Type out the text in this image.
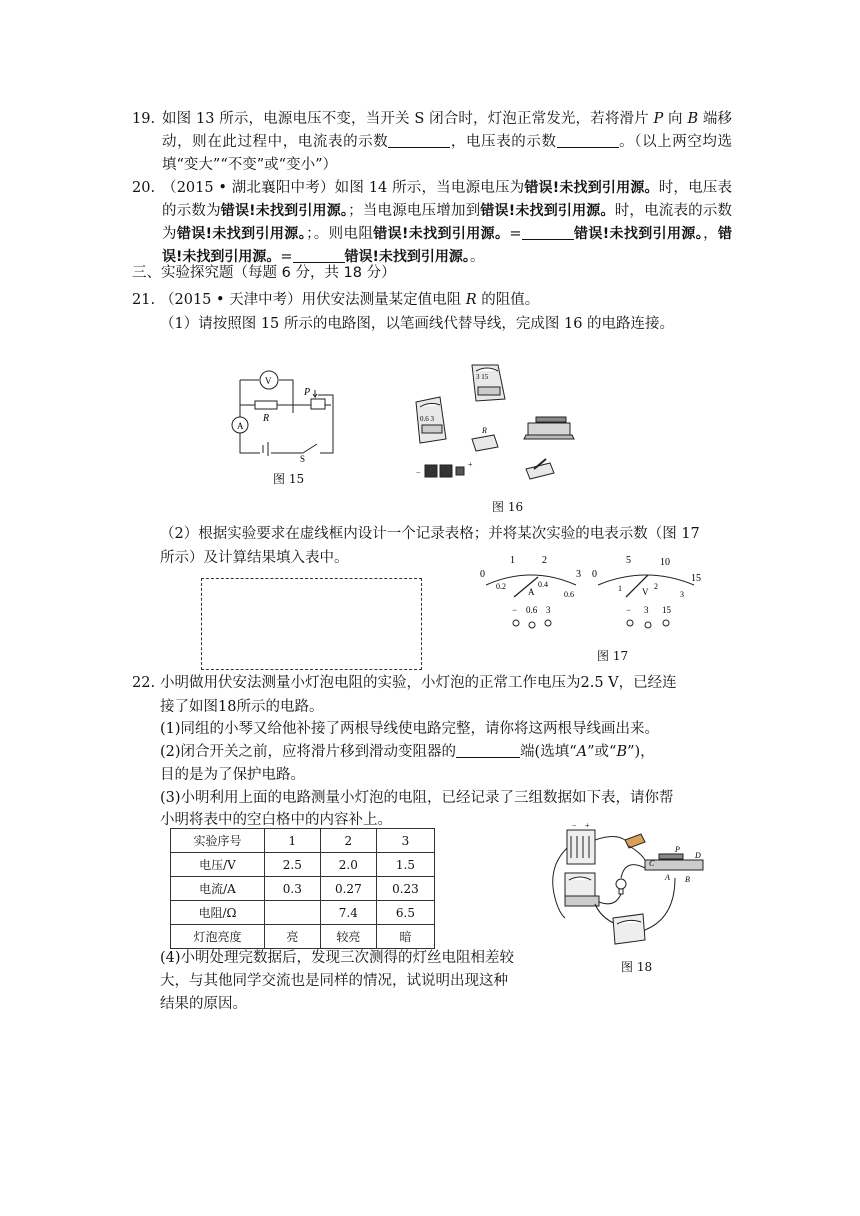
19. 如图 13 所示，电源电压不变，当开关 S 闭合时，灯泡正常发光，若将滑片 P 向 B 端移动，则在此过程中，电流表的示数	，电压表的示数	。（以上两空均选填“变大”“不变”或“变小”）
20. （2015 • 湖北襄阳中考）如图 14 所示，当电源电压为错误!未找到引用源。时，电压表的示数为错误!未找到引用源。；当电源电压增加到错误!未找到引用源。时，电流表的示数为错误!未找到引用源。；。则电阻错误!未找到引用源。=	错误!未找到引用源。，错误!未找到引用源。=	错误!未找到引用源。。
三、实验探究题（每题 6 分，共 18 分）
21. （2015 • 天津中考）用伏安法测量某定值电阻 R 的阻值。
（1）请按照图 15 所示的电路图，以笔画线代替导线，完成图 16 的电路连接。
V
A
R
P
S
图 15
3 15
0.6 3
R
−
+
图 16
（2）根据实验要求在虚线框内设计一个记录表格；并将某次实验的电表示数（图 17
所示）及计算结果填入表中。
0
1	2
3
0.2	0.4
0.6
A
0
5	10
15
1	2
3
V
− 0.6 3	− 3 15
图 17
22. 小明做用伏安法测量小灯泡电阻的实验，小灯泡的正常工作电压为2.5 V，已经连
接了如图18所示的电路。
(1)同组的小琴又给他补接了两根导线使电路完整，请你将这两根导线画出来。
(2)闭合开关之前，应将滑片移到滑动变阻器的	端(选填“A”或“B”)，
目的是为了保护电路。
(3)小明利用上面的电路测量小灯泡的电阻，已经记录了三组数据如下表，请你帮
小明将表中的空白格中的内容补上。
实验序号	1	2	3
电压/V	2.5	2.0	1.5
电流/A	0.3	0.27	0.23
电阻/Ω		7.4	6.5
灯泡亮度	亮	较亮	暗
(4)小明处理完数据后，发现三次测得的灯丝电阻相差较
大，与其他同学交流也是同样的情况，试说明出现这种
结果的原因。
− +
C
D
A B
P
图 18
